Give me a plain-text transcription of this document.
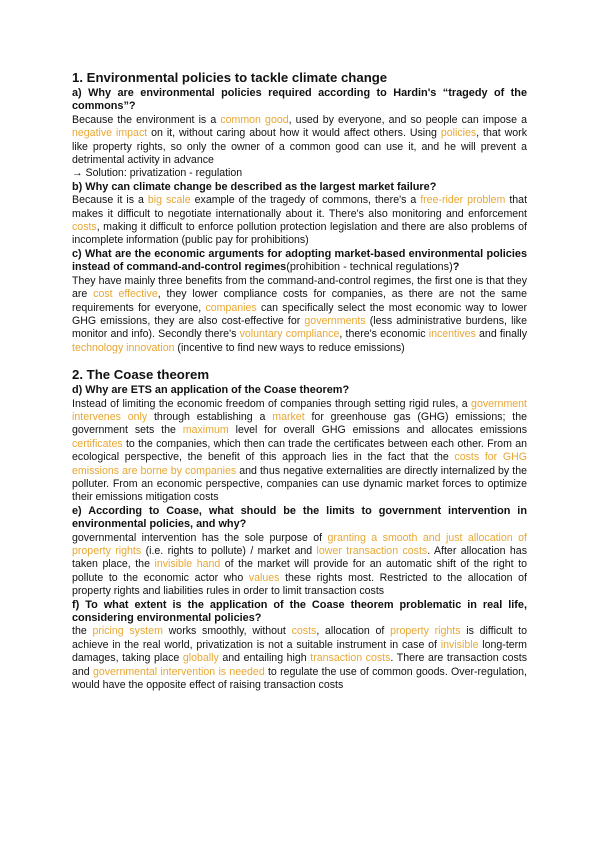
1. Environmental policies to tackle climate change
a) Why are environmental policies required according to Hardin's “tragedy of the commons”?

Because the environment is a common good, used by everyone, and so people can impose a negative impact on it, without caring about how it would affect others. Using policies, that work like property rights, so only the owner of a common good can use it, and he will prevent a detrimental activity in advance

→ Solution: privatization - regulation

b) Why can climate change be described as the largest market failure?

Because it is a big scale example of the tragedy of commons, there's a free-rider problem that makes it difficult to negotiate internationally about it. There's also monitoring and enforcement costs, making it difficult to enforce pollution protection legislation and there are also problems of incomplete information (public pay for prohibitions)

c) What are the economic arguments for adopting market-based environmental policies instead of command-and-control regimes(prohibition - technical regulations)?

They have mainly three benefits from the command-and-control regimes, the first one is that they are cost effective, they lower compliance costs for companies, as there are not the same requirements for everyone, companies can specifically select the most economic way to lower GHG emissions, they are also cost-effective for governments (less administrative burdens, like monitor and info). Secondly there's voluntary compliance, there's economic incentives and finally technology innovation (incentive to find new ways to reduce emissions)

2. The Coase theorem
d) Why are ETS an application of the Coase theorem?

Instead of limiting the economic freedom of companies through setting rigid rules, a government intervenes only through establishing a market for greenhouse gas (GHG) emissions; the government sets the maximum level for overall GHG emissions and allocates emissions certificates to the companies, which then can trade the certificates between each other. From an ecological perspective, the benefit of this approach lies in the fact that the costs for GHG emissions are borne by companies and thus negative externalities are directly internalized by the polluter. From an economic perspective, companies can use dynamic market forces to optimize their emissions mitigation costs

e) According to Coase, what should be the limits to government intervention in environmental policies, and why?

governmental intervention has the sole purpose of granting a smooth and just allocation of property rights (i.e. rights to pollute) / market and lower transaction costs. After allocation has taken place, the invisible hand of the market will provide for an automatic shift of the right to pollute to the economic actor who values these rights most. Restricted to the allocation of property rights and liabilities rules in order to limit transaction costs

f) To what extent is the application of the Coase theorem problematic in real life, considering environmental policies?

the pricing system works smoothly, without costs, allocation of property rights is difficult to achieve in the real world, privatization is not a suitable instrument in case of invisible long-term damages, taking place globally and entailing high transaction costs. There are transaction costs and governmental intervention is needed to regulate the use of common goods. Over-regulation, would have the opposite effect of raising transaction costs
